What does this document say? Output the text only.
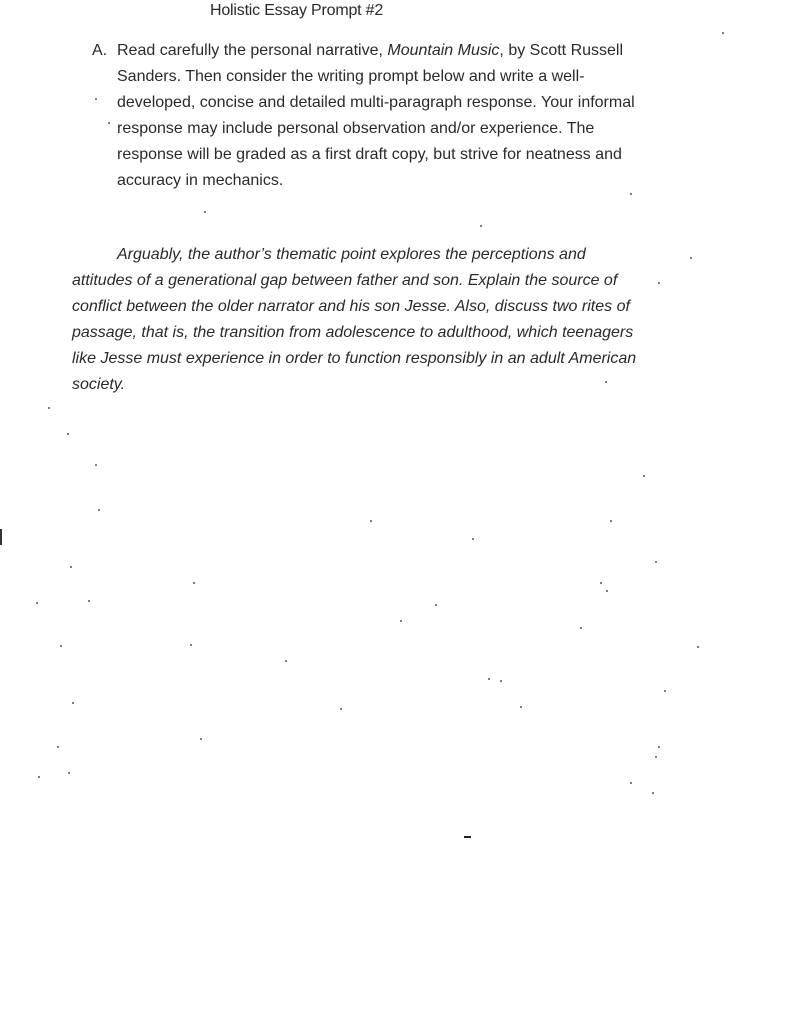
Holistic Essay Prompt #2
A. Read carefully the personal narrative, Mountain Music, by Scott Russell
Sanders. Then consider the writing prompt below and write a well-
developed, concise and detailed multi-paragraph response. Your informal
response may include personal observation and/or experience. The
response will be graded as a first draft copy, but strive for neatness and
accuracy in mechanics.
Arguably, the author’s thematic point explores the perceptions and
attitudes of a generational gap between father and son. Explain the source of
conflict between the older narrator and his son Jesse. Also, discuss two rites of
passage, that is, the transition from adolescence to adulthood, which teenagers
like Jesse must experience in order to function responsibly in an adult American
society.
